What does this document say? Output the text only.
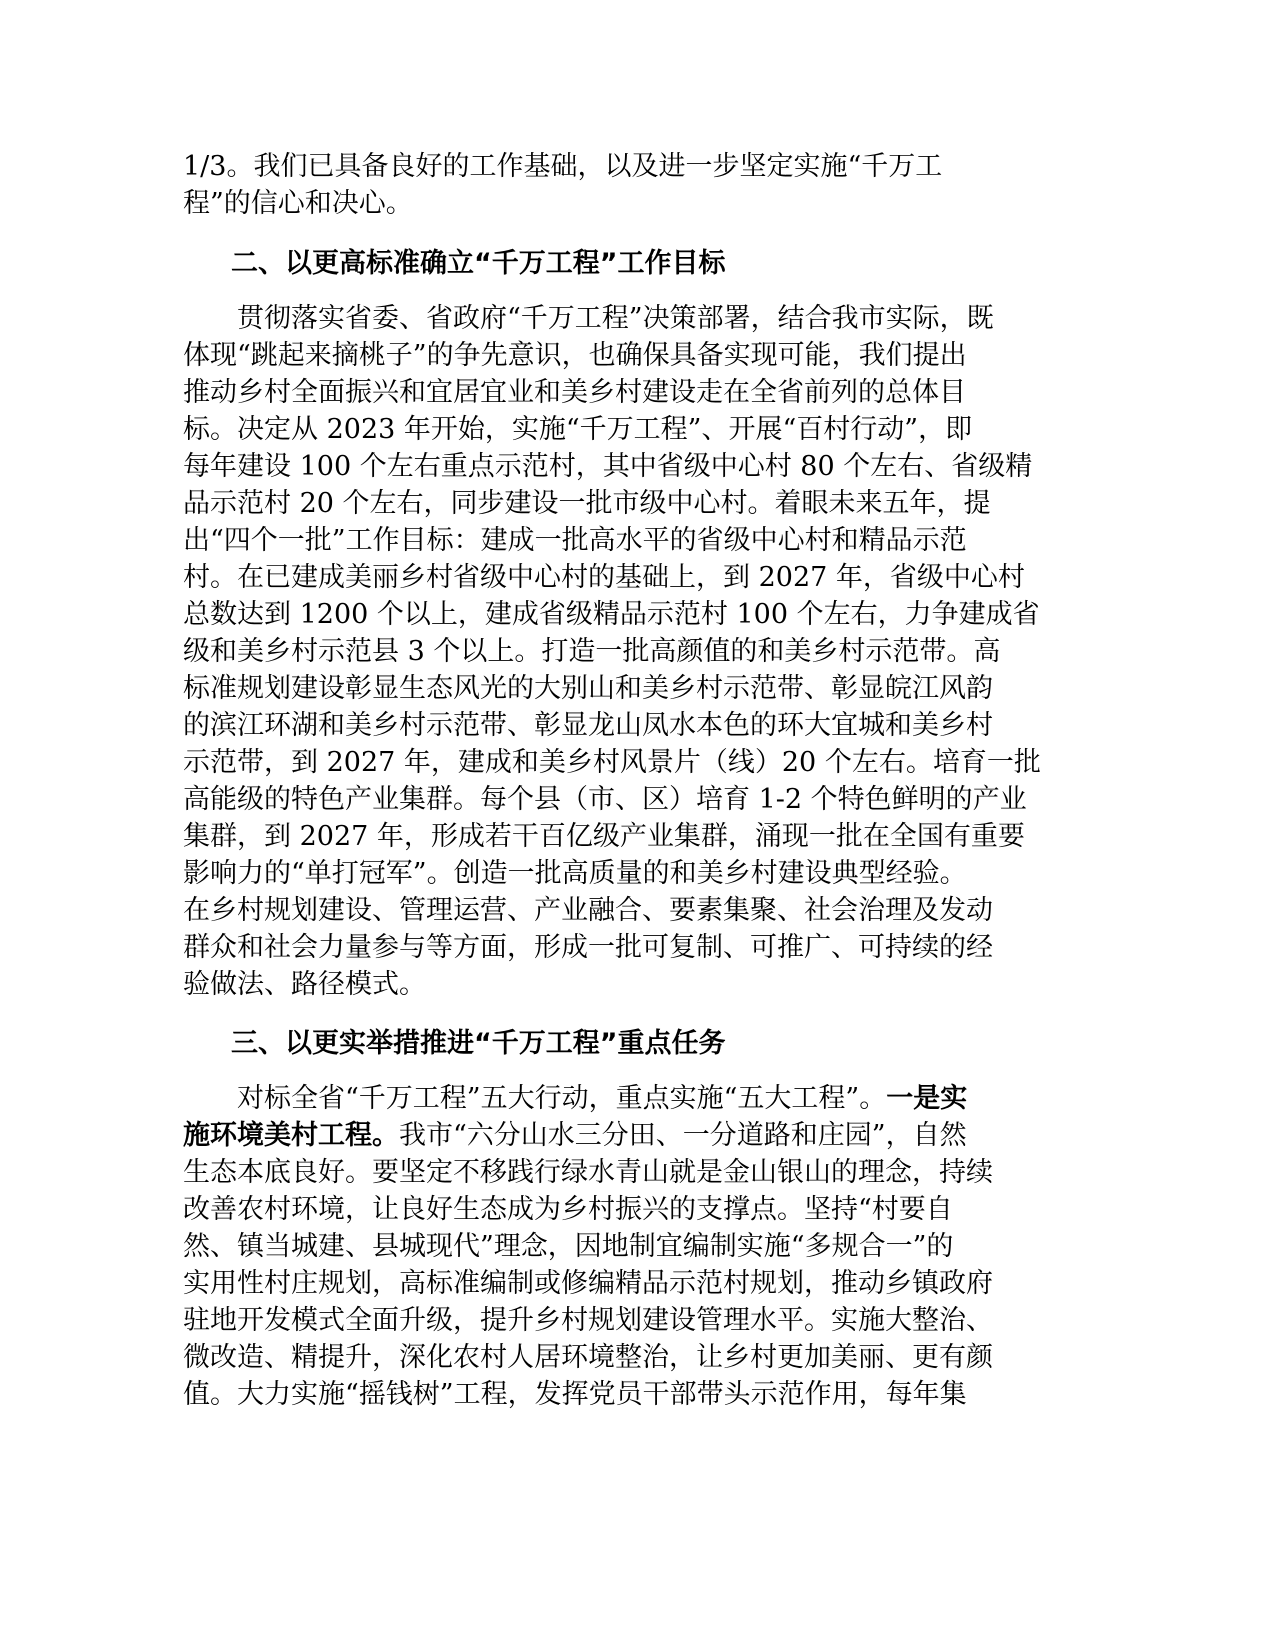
1/3。我们已具备良好的工作基础，以及进一步坚定实施“千万工
程”的信心和决心。
二、以更高标准确立“千万工程”工作目标
贯彻落实省委、省政府“千万工程”决策部署，结合我市实际，既
体现“跳起来摘桃子”的争先意识，也确保具备实现可能，我们提出
推动乡村全面振兴和宜居宜业和美乡村建设走在全省前列的总体目
标。决定从 2023 年开始，实施“千万工程”、开展“百村行动”，即
每年建设 100 个左右重点示范村，其中省级中心村 80 个左右、省级精
品示范村 20 个左右，同步建设一批市级中心村。着眼未来五年，提
出“四个一批”工作目标：建成一批高水平的省级中心村和精品示范
村。在已建成美丽乡村省级中心村的基础上，到 2027 年，省级中心村
总数达到 1200 个以上，建成省级精品示范村 100 个左右，力争建成省
级和美乡村示范县 3 个以上。打造一批高颜值的和美乡村示范带。高
标准规划建设彰显生态风光的大别山和美乡村示范带、彰显皖江风韵
的滨江环湖和美乡村示范带、彰显龙山凤水本色的环大宜城和美乡村
示范带，到 2027 年，建成和美乡村风景片（线）20 个左右。培育一批
高能级的特色产业集群。每个县（市、区）培育 1-2 个特色鲜明的产业
集群，到 2027 年，形成若干百亿级产业集群，涌现一批在全国有重要
影响力的“单打冠军”。创造一批高质量的和美乡村建设典型经验。
在乡村规划建设、管理运营、产业融合、要素集聚、社会治理及发动
群众和社会力量参与等方面，形成一批可复制、可推广、可持续的经
验做法、路径模式。
三、以更实举措推进“千万工程”重点任务
对标全省“千万工程”五大行动，重点实施“五大工程”。一是实
施环境美村工程。我市“六分山水三分田、一分道路和庄园”，自然
生态本底良好。要坚定不移践行绿水青山就是金山银山的理念，持续
改善农村环境，让良好生态成为乡村振兴的支撑点。坚持“村要自
然、镇当城建、县城现代”理念，因地制宜编制实施“多规合一”的
实用性村庄规划，高标准编制或修编精品示范村规划，推动乡镇政府
驻地开发模式全面升级，提升乡村规划建设管理水平。实施大整治、
微改造、精提升，深化农村人居环境整治，让乡村更加美丽、更有颜
值。大力实施“摇钱树”工程，发挥党员干部带头示范作用，每年集
